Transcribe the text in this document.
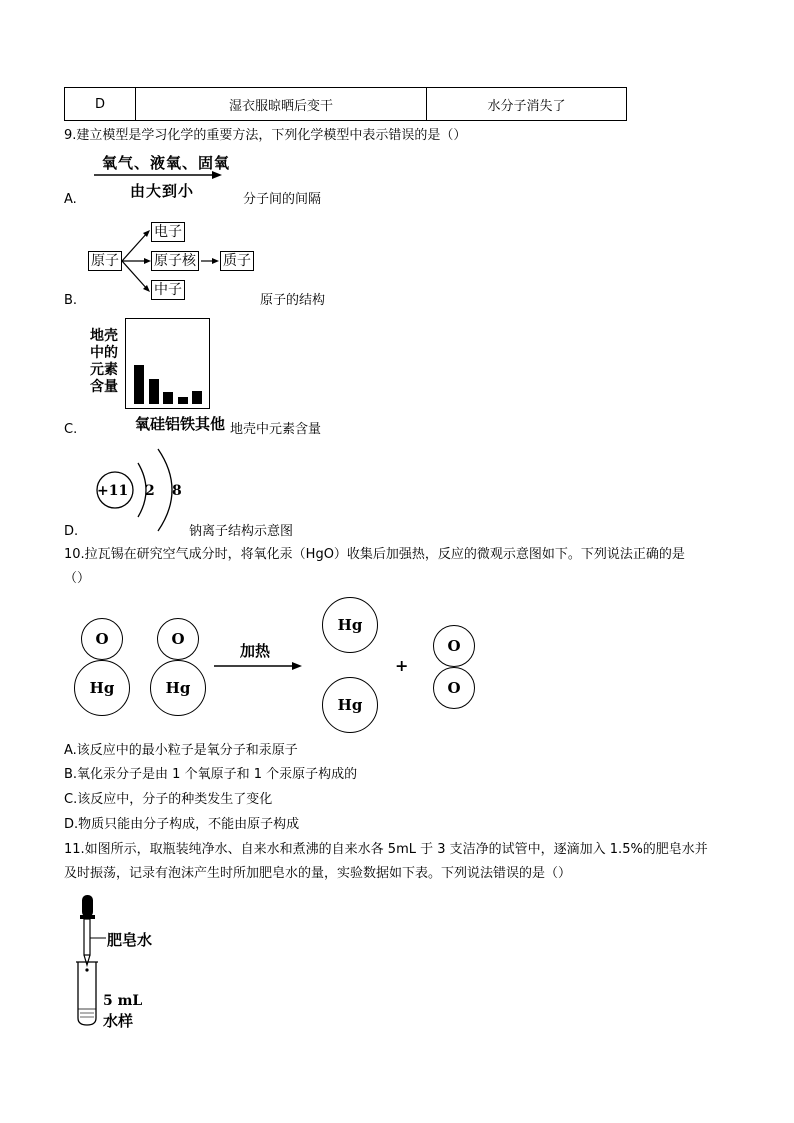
D	湿衣服晾晒后变干	水分子消失了
9.建立模型是学习化学的重要方法，下列化学模型中表示错误的是（）
氧气、液氧、固氧
由大到小
A.	分子间的间隔
原子
电子
原子核 质子
中子
B.	原子的结构
地壳
中的
元素
含量
氧硅铝铁其他
C.	地壳中元素含量
+11 2 8
D.	钠离子结构示意图
10.拉瓦锡在研究空气成分时，将氧化汞（HgO）收集后加强热，反应的微观示意图如下。下列说法正确的是
（）
O
Hg
O
Hg
加热
Hg
Hg
+
O
O
A.该反应中的最小粒子是氧分子和汞原子
B.氧化汞分子是由 1 个氧原子和 1 个汞原子构成的
C.该反应中，分子的种类发生了变化
D.物质只能由分子构成，不能由原子构成
11.如图所示，取瓶装纯净水、自来水和煮沸的自来水各 5mL 于 3 支洁净的试管中，逐滴加入 1.5%的肥皂水并
及时振荡，记录有泡沫产生时所加肥皂水的量，实验数据如下表。下列说法错误的是（）
肥皂水
5 mL
水样
